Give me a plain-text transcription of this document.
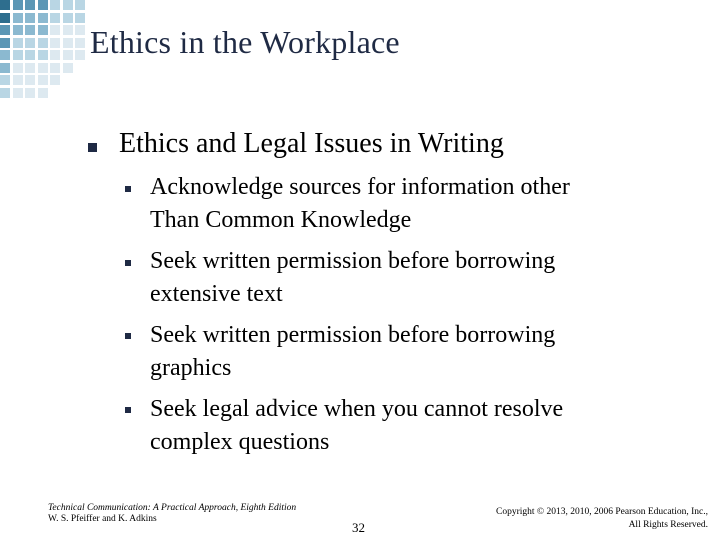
Ethics in the Workplace
Ethics and Legal Issues in Writing
Acknowledge sources for information other
Than Common Knowledge
Seek written permission before borrowing
extensive text
Seek written permission before borrowing
graphics
Seek legal advice when you cannot resolve
complex questions
Technical Communication: A Practical Approach, Eighth Edition
W. S. Pfeiffer and K. Adkins
32
Copyright © 2013, 2010, 2006 Pearson Education, Inc.,
All Rights Reserved.
